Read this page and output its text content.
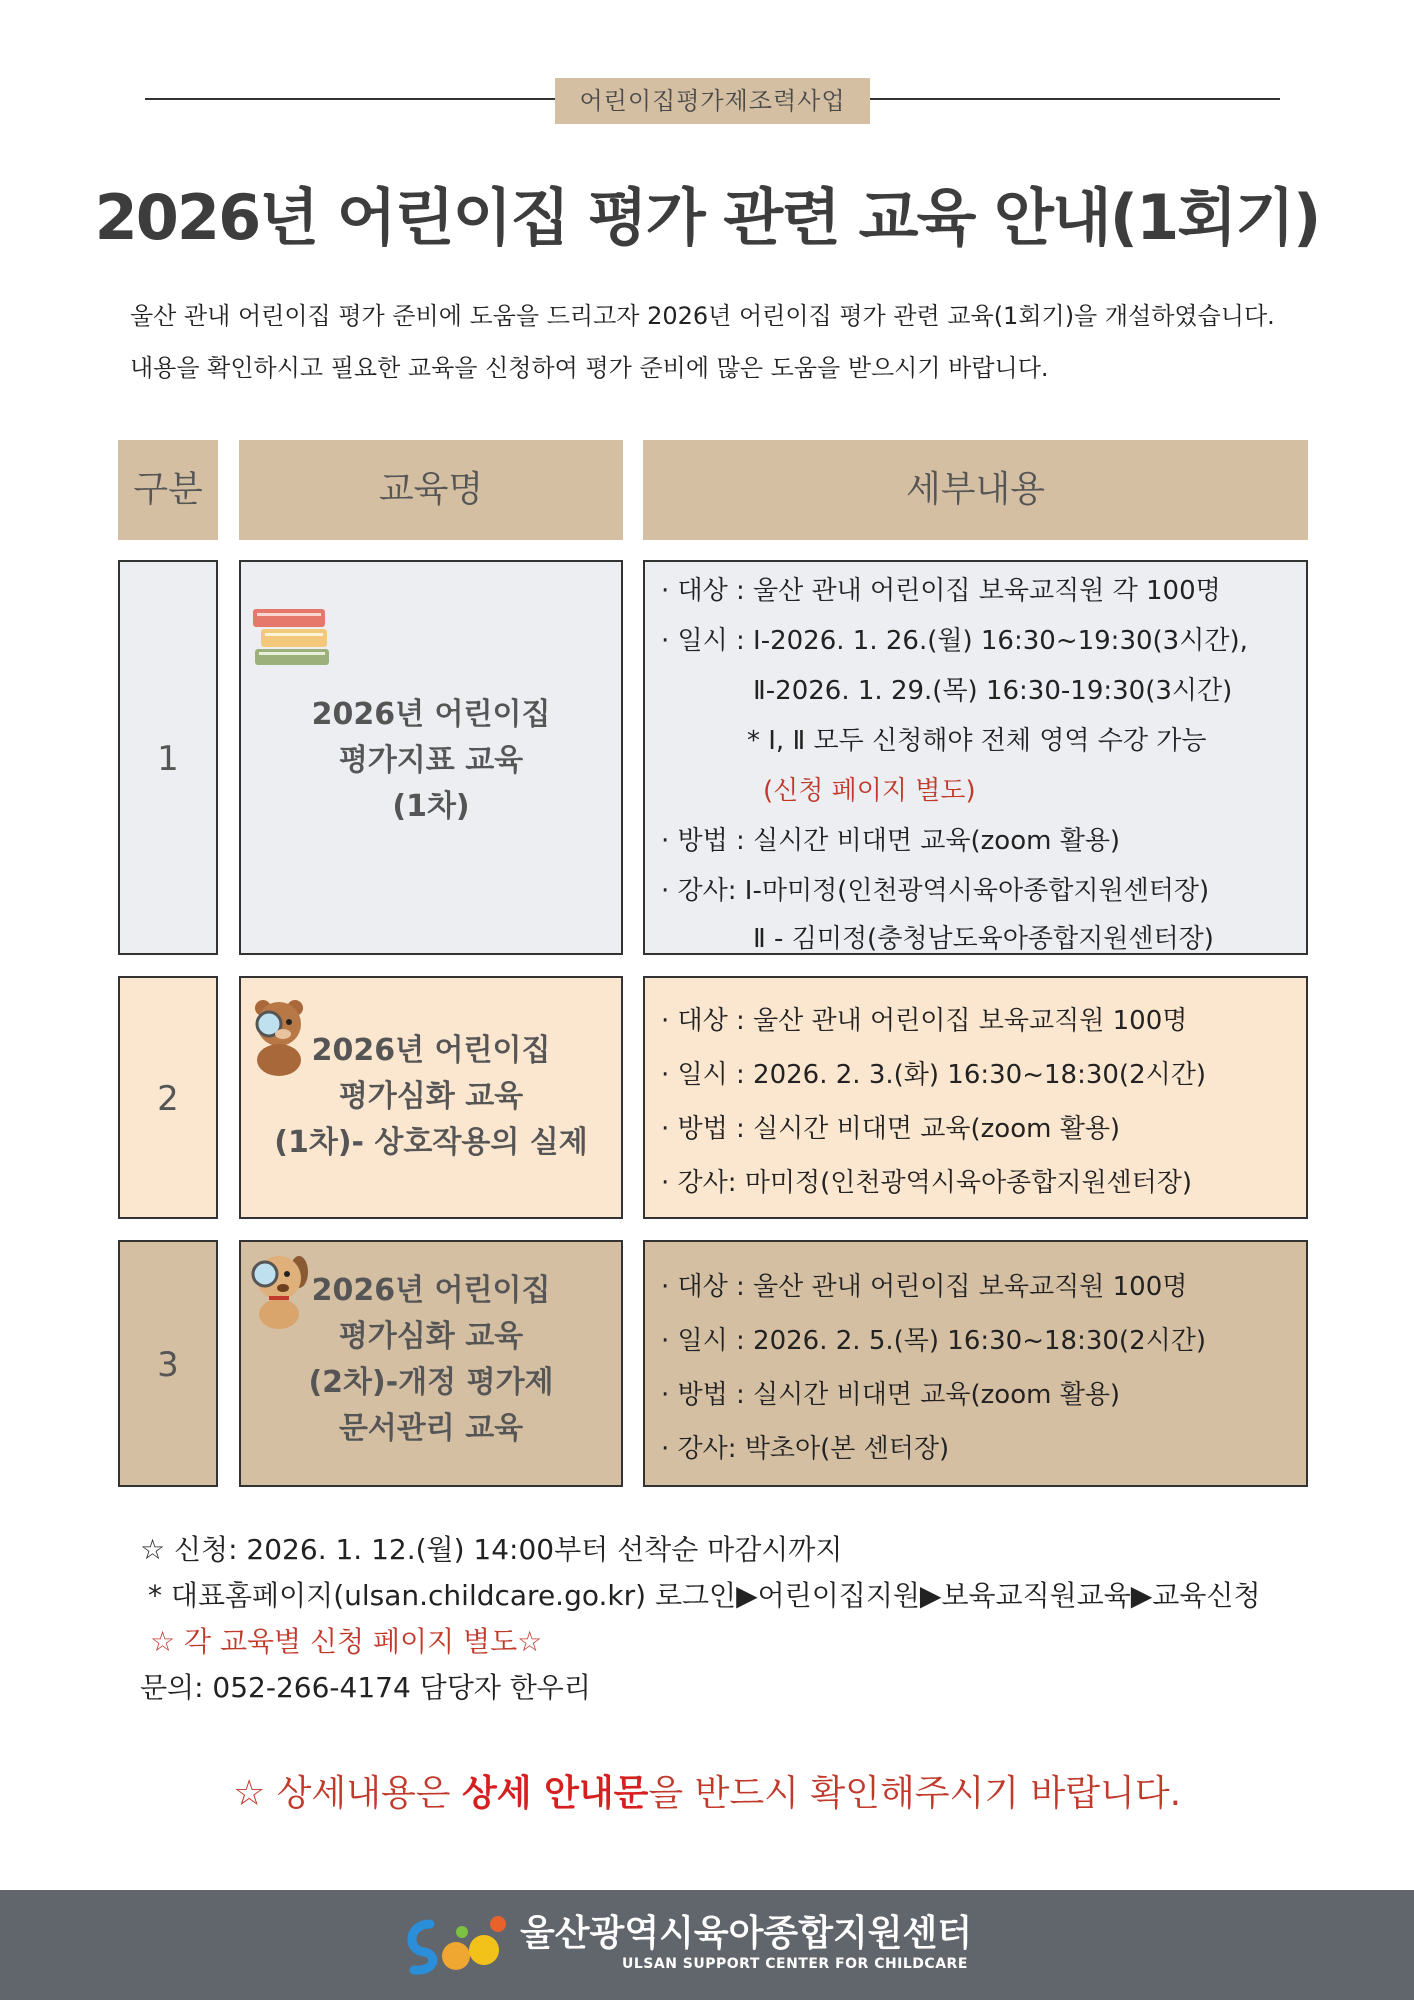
어린이집평가제조력사업
2026년 어린이집 평가 관련 교육 안내(1회기)
울산 관내 어린이집 평가 준비에 도움을 드리고자 2026년 어린이집 평가 관련 교육(1회기)을 개설하였습니다.
내용을 확인하시고 필요한 교육을 신청하여 평가 준비에 많은 도움을 받으시기 바랍니다.
구분	교육명	세부내용
1
2026년 어린이집
평가지표 교육
(1차)
· 대상 : 울산 관내 어린이집 보육교직원 각 100명
· 일시 : Ⅰ-2026. 1. 26.(월) 16:30~19:30(3시간),
Ⅱ-2026. 1. 29.(목) 16:30-19:30(3시간)
* Ⅰ, Ⅱ 모두 신청해야 전체 영역 수강 가능
(신청 페이지 별도)
· 방법 : 실시간 비대면 교육(zoom 활용)
· 강사: Ⅰ-마미정(인천광역시육아종합지원센터장)
Ⅱ - 김미정(충청남도육아종합지원센터장)
2
2026년 어린이집
평가심화 교육
(1차)- 상호작용의 실제
· 대상 : 울산 관내 어린이집 보육교직원 100명
· 일시 : 2026. 2. 3.(화) 16:30~18:30(2시간)
· 방법 : 실시간 비대면 교육(zoom 활용)
· 강사: 마미정(인천광역시육아종합지원센터장)
3
2026년 어린이집
평가심화 교육
(2차)-개정 평가제
문서관리 교육
· 대상 : 울산 관내 어린이집 보육교직원 100명
· 일시 : 2026. 2. 5.(목) 16:30~18:30(2시간)
· 방법 : 실시간 비대면 교육(zoom 활용)
· 강사: 박초아(본 센터장)
☆ 신청: 2026. 1. 12.(월) 14:00부터 선착순 마감시까지
* 대표홈페이지(ulsan.childcare.go.kr) 로그인▶어린이집지원▶보육교직원교육▶교육신청
☆ 각 교육별 신청 페이지 별도☆
문의: 052-266-4174 담당자 한우리
☆ 상세내용은 상세 안내문을 반드시 확인해주시기 바랍니다.
울산광역시육아종합지원센터
ULSAN SUPPORT CENTER FOR CHILDCARE
